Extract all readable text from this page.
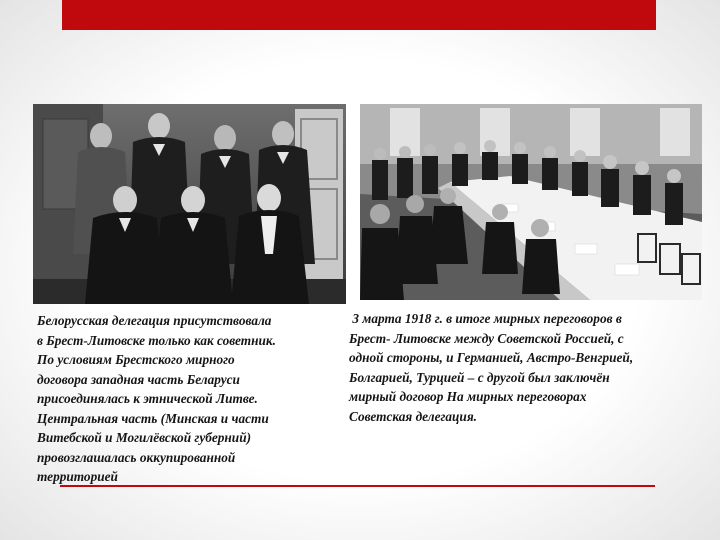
Белорусская делегация присутствовала
в Брест-Литовске только как советник.
По условиям Брестского мирного
договора западная часть Беларуси
присоединялась к этнической Литве.
Центральная часть (Минская и части
Витебской и Могилёвской губерний)
провозглашалась оккупированной
территорией

3 марта 1918 г. в итоге мирных переговоров в
Брест- Литовске между Советской Россией, с
одной стороны, и Германией, Австро-Венгрией,
Болгарией, Турцией – с другой был заключён
мирный договор На мирных переговорах
Советская делегация.
